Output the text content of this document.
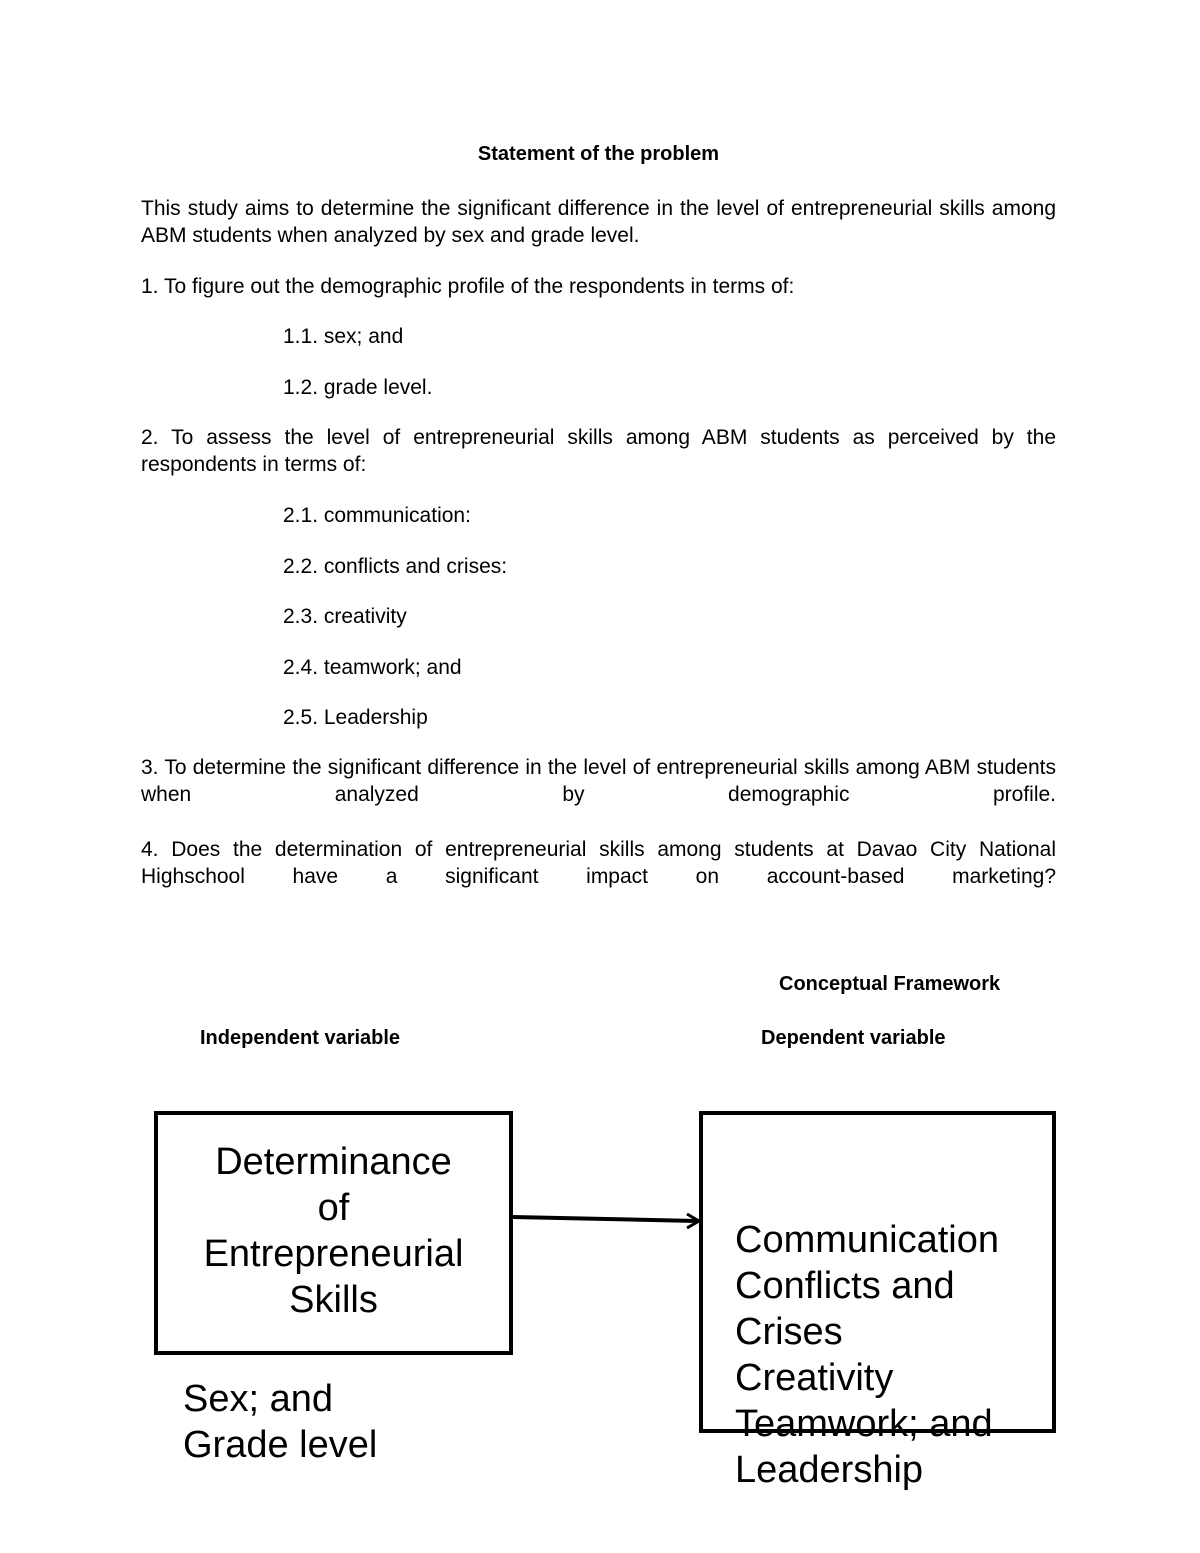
Statement of the problem
This study aims to determine the significant difference in the level of entrepreneurial skills among ABM students when analyzed by sex and grade level.
1. To figure out the demographic profile of the respondents in terms of:
1.1. sex; and
1.2. grade level.
2. To assess the level of entrepreneurial skills among ABM students as perceived by the respondents in terms of:
2.1. communication:
2.2. conflicts and crises:
2.3. creativity
2.4. teamwork; and
2.5. Leadership
3. To determine the significant difference in the level of entrepreneurial skills among ABM students when analyzed by demographic profile.
4. Does the determination of entrepreneurial skills among students at Davao City National Highschool have a significant impact on account-based marketing?
Conceptual Framework
Independent variable	Dependent variable
Determinance
of
Entrepreneurial
Skills
Sex; and
Grade level
Communication
Conflicts and
Crises
Creativity
Teamwork; and
Leadership
